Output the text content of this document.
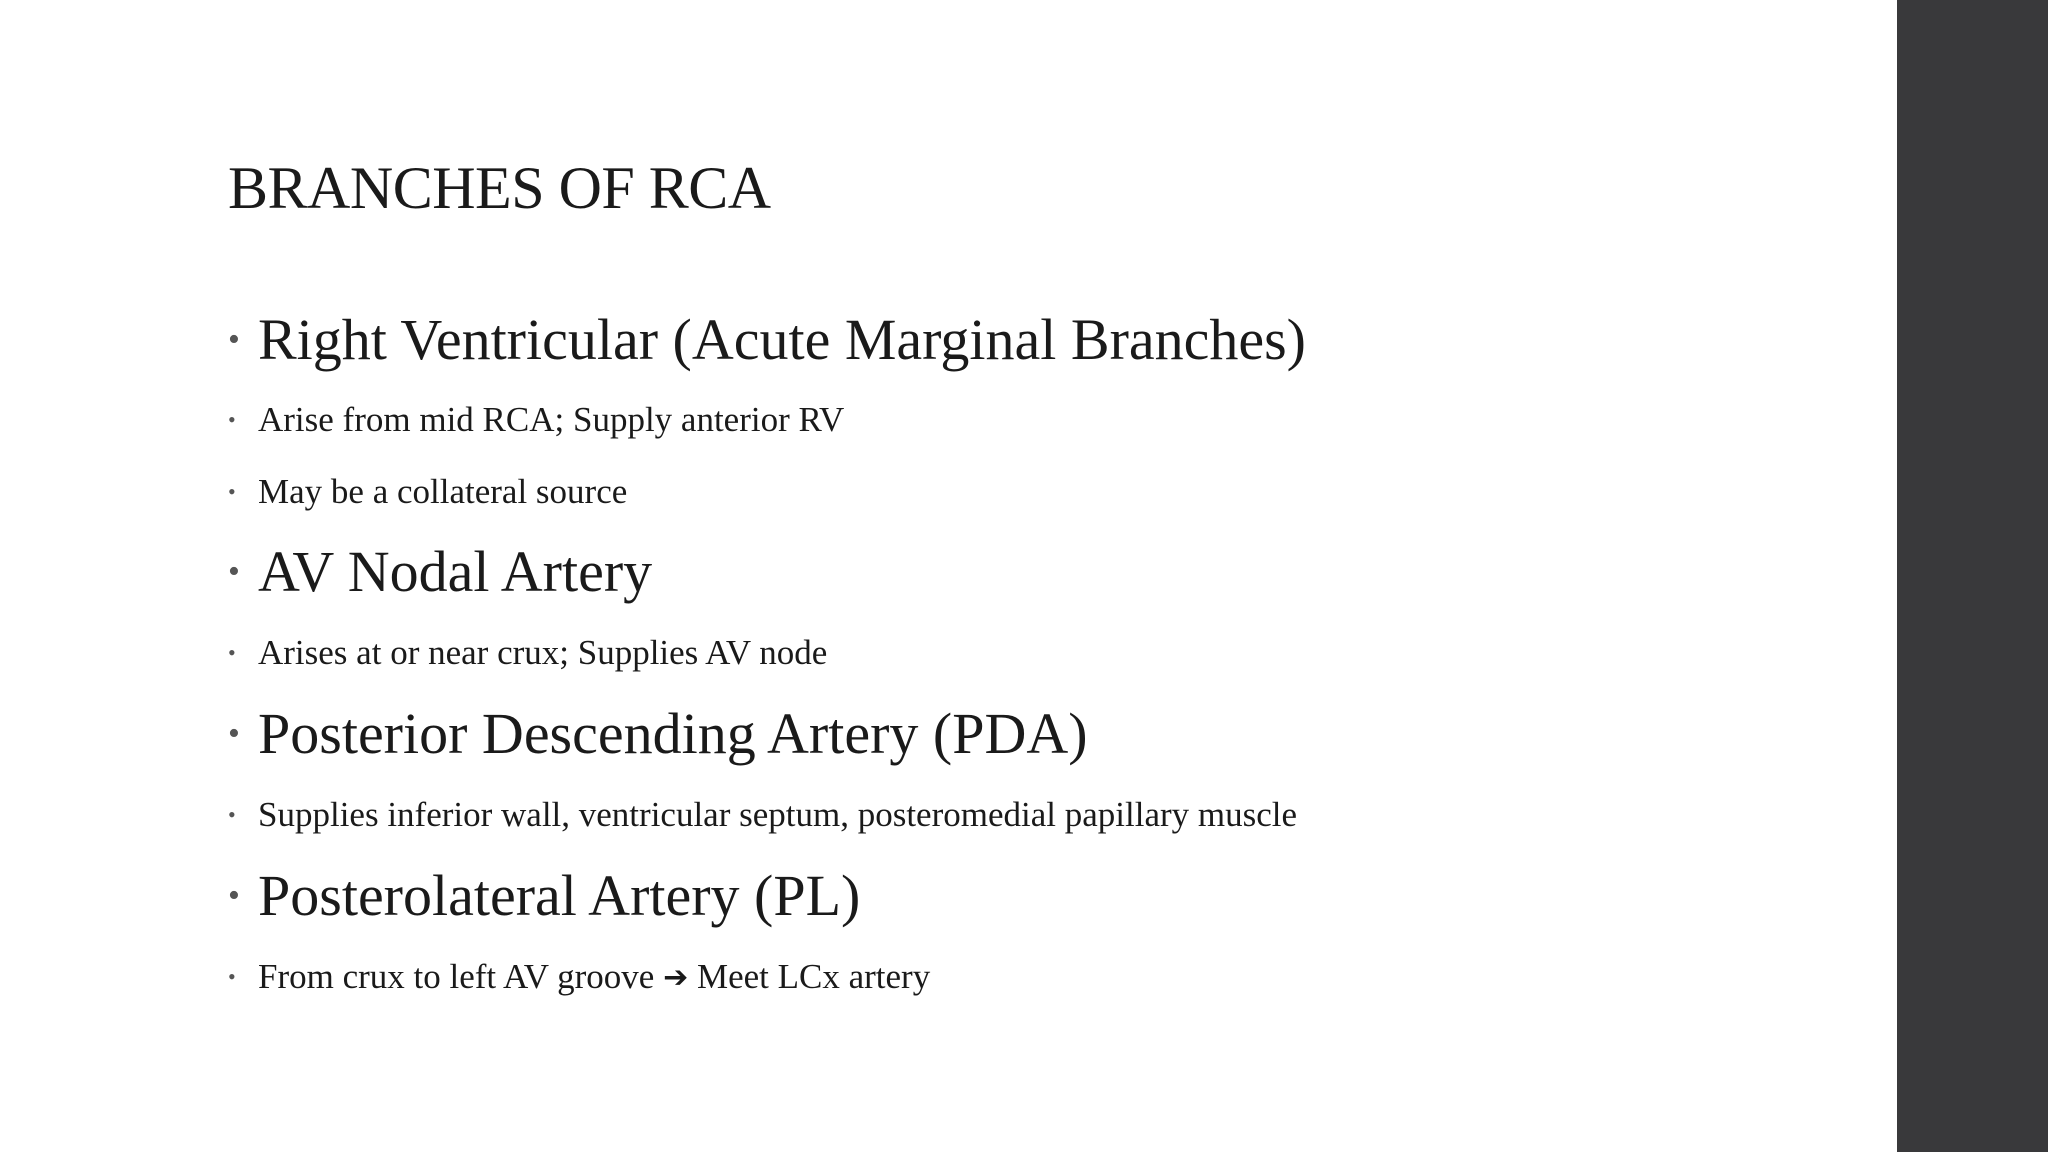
BRANCHES OF RCA
• Right Ventricular (Acute Marginal Branches)
• Arise from mid RCA; Supply anterior RV
• May be a collateral source
• AV Nodal Artery
• Arises at or near crux; Supplies AV node
• Posterior Descending Artery (PDA)
• Supplies inferior wall, ventricular septum, posteromedial papillary muscle
• Posterolateral Artery (PL)
• From crux to left AV groove ➔ Meet LCx artery
